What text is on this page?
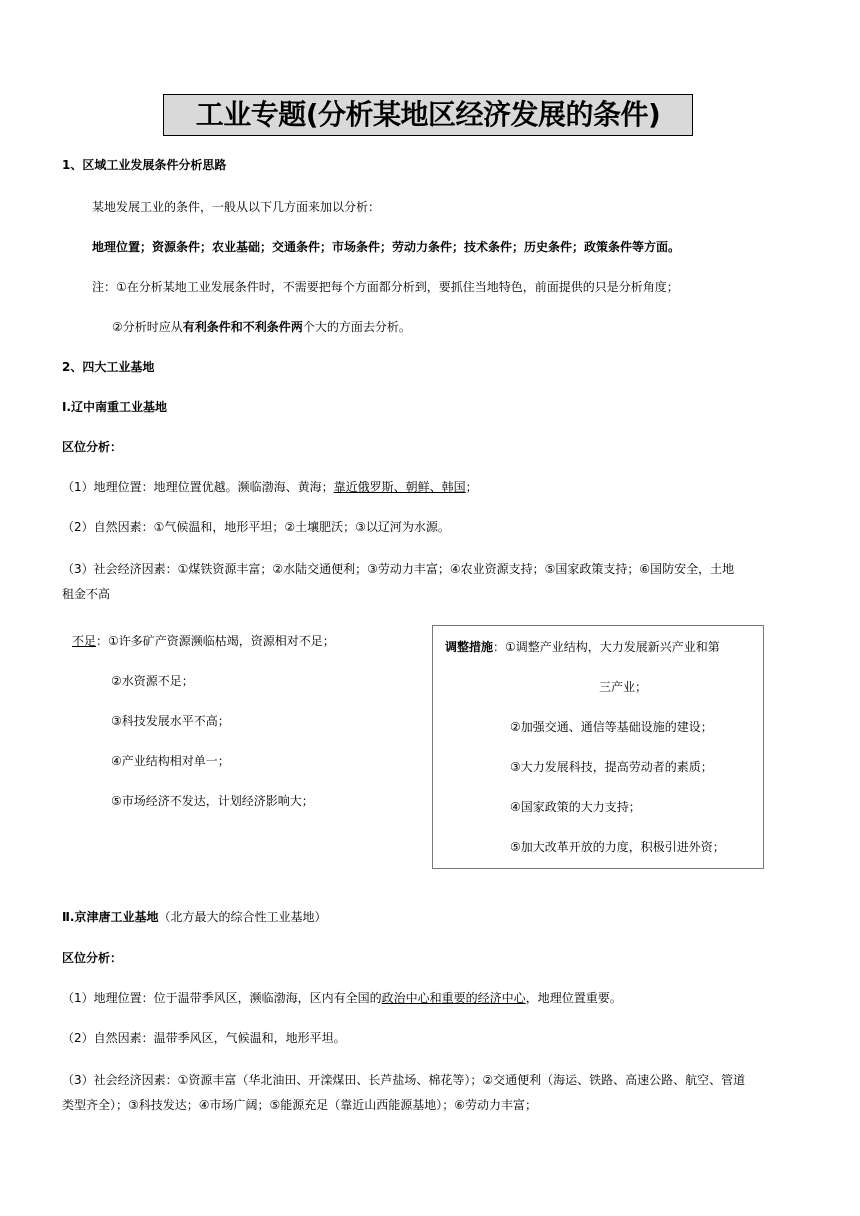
工业专题(分析某地区经济发展的条件)
1、区域工业发展条件分析思路
某地发展工业的条件，一般从以下几方面来加以分析：
地理位置；资源条件；农业基础；交通条件；市场条件；劳动力条件；技术条件；历史条件；政策条件等方面。
注：①在分析某地工业发展条件时，不需要把每个方面都分析到，要抓住当地特色，前面提供的只是分析角度；
②分析时应从有利条件和不利条件两个大的方面去分析。
2、四大工业基地
Ⅰ.辽中南重工业基地
区位分析：
（1）地理位置：地理位置优越。濒临渤海、黄海；靠近俄罗斯、朝鲜、韩国；
（2）自然因素：①气候温和，地形平坦；②土壤肥沃；③以辽河为水源。
（3）社会经济因素：①煤铁资源丰富；②水陆交通便利；③劳动力丰富；④农业资源支持；⑤国家政策支持；⑥国防安全，土地
租金不高
不足：①许多矿产资源濒临枯竭，资源相对不足；
②水资源不足；
③科技发展水平不高；
④产业结构相对单一；
⑤市场经济不发达，计划经济影响大；
调整措施：①调整产业结构，大力发展新兴产业和第
三产业；
②加强交通、通信等基础设施的建设；
③大力发展科技，提高劳动者的素质；
④国家政策的大力支持；
⑤加大改革开放的力度，积极引进外资；
Ⅱ.京津唐工业基地（北方最大的综合性工业基地）
区位分析：
（1）地理位置：位于温带季风区，濒临渤海，区内有全国的政治中心和重要的经济中心，地理位置重要。
（2）自然因素：温带季风区，气候温和，地形平坦。
（3）社会经济因素：①资源丰富（华北油田、开滦煤田、长芦盐场、棉花等）；②交通便利（海运、铁路、高速公路、航空、管道
类型齐全）；③科技发达；④市场广阔；⑤能源充足（靠近山西能源基地）；⑥劳动力丰富；
